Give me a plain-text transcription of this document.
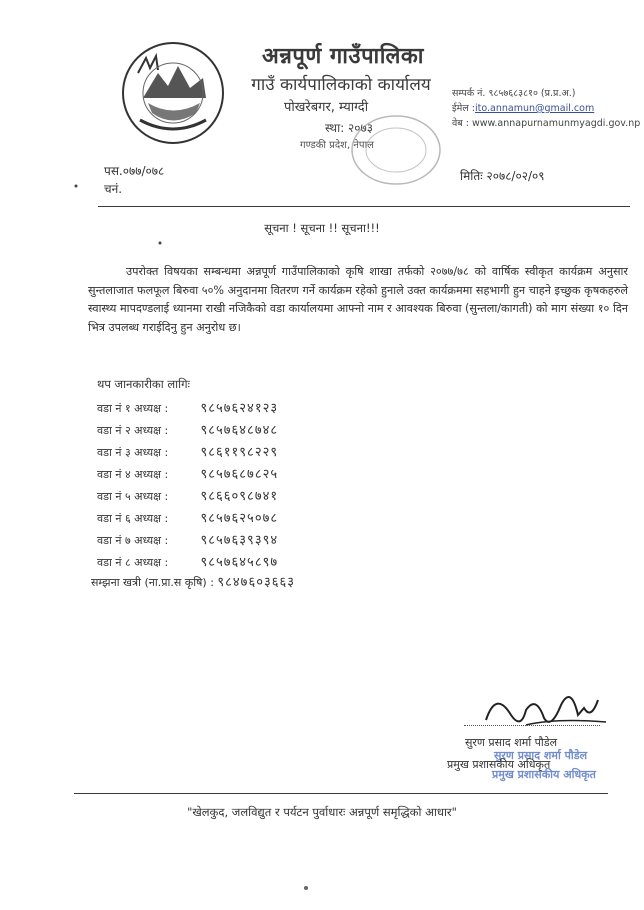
अन्नपूर्ण गाउँपालिका
गाउँ कार्यपालिकाको कार्यालय
पोखरेबगर, म्याग्दी
स्था: २०७३
गण्डकी प्रदेश, नेपाल
सम्पर्क नं. ९८५७६८३८१० (प्र.प्र.अ.)
ईमेल :ito.annamun@gmail.com
वेब : www.annapurnamunmyagdi.gov.np
पस.०७७/०७८
चनं.
मितिः २०७८/०२/०९
सूचना ! सूचना !! सूचना!!!
उपरोक्त विषयका सम्बन्धमा अन्नपूर्ण गाउँपालिकाको कृषि शाखा तर्फको २०७७/७८ को वार्षिक स्वीकृत कार्यक्रम अनुसार सुन्तलाजात फलफूल बिरुवा ५०% अनुदानमा वितरण गर्ने कार्यक्रम रहेको हुनाले उक्त कार्यक्रममा सहभागी हुन चाहने इच्छुक कृषकहरुले स्वास्थ्य मापदण्डलाई ध्यानमा राखी नजिकैको वडा कार्यालयमा आफ्नो नाम र आवश्यक बिरुवा (सुन्तला/कागती) को माग संख्या १० दिन भित्र उपलब्ध गराईदिनु हुन अनुरोध छ।
थप जानकारीका लागिः
वडा नं १ अध्यक्ष : ९८५७६२४१२३
वडा नं २ अध्यक्ष : ९८५७६४८७४८
वडा नं ३ अध्यक्ष : ९८६११९८२२९
वडा नं ४ अध्यक्ष : ९८५७६८७८२५
वडा नं ५ अध्यक्ष : ९८६६०९८७४१
वडा नं ६ अध्यक्ष : ९८५७६२५०७८
वडा नं ७ अध्यक्ष : ९८५७६३९३९४
वडा नं ८ अध्यक्ष : ९८५७६४५८९७
सम्झना खत्री (ना.प्रा.स कृषि) : ९८४७६०३६६३
सुरण प्रसाद शर्मा पौडेल
प्रमुख प्रशासकीय अधिकृत
सुरण प्रसाद शर्मा पौडेल
प्रमुख प्रशासकीय अधिकृत
"खेलकुद, जलविद्युत र पर्यटन पुर्वाधारः अन्नपूर्ण समृद्धिको आधार"
